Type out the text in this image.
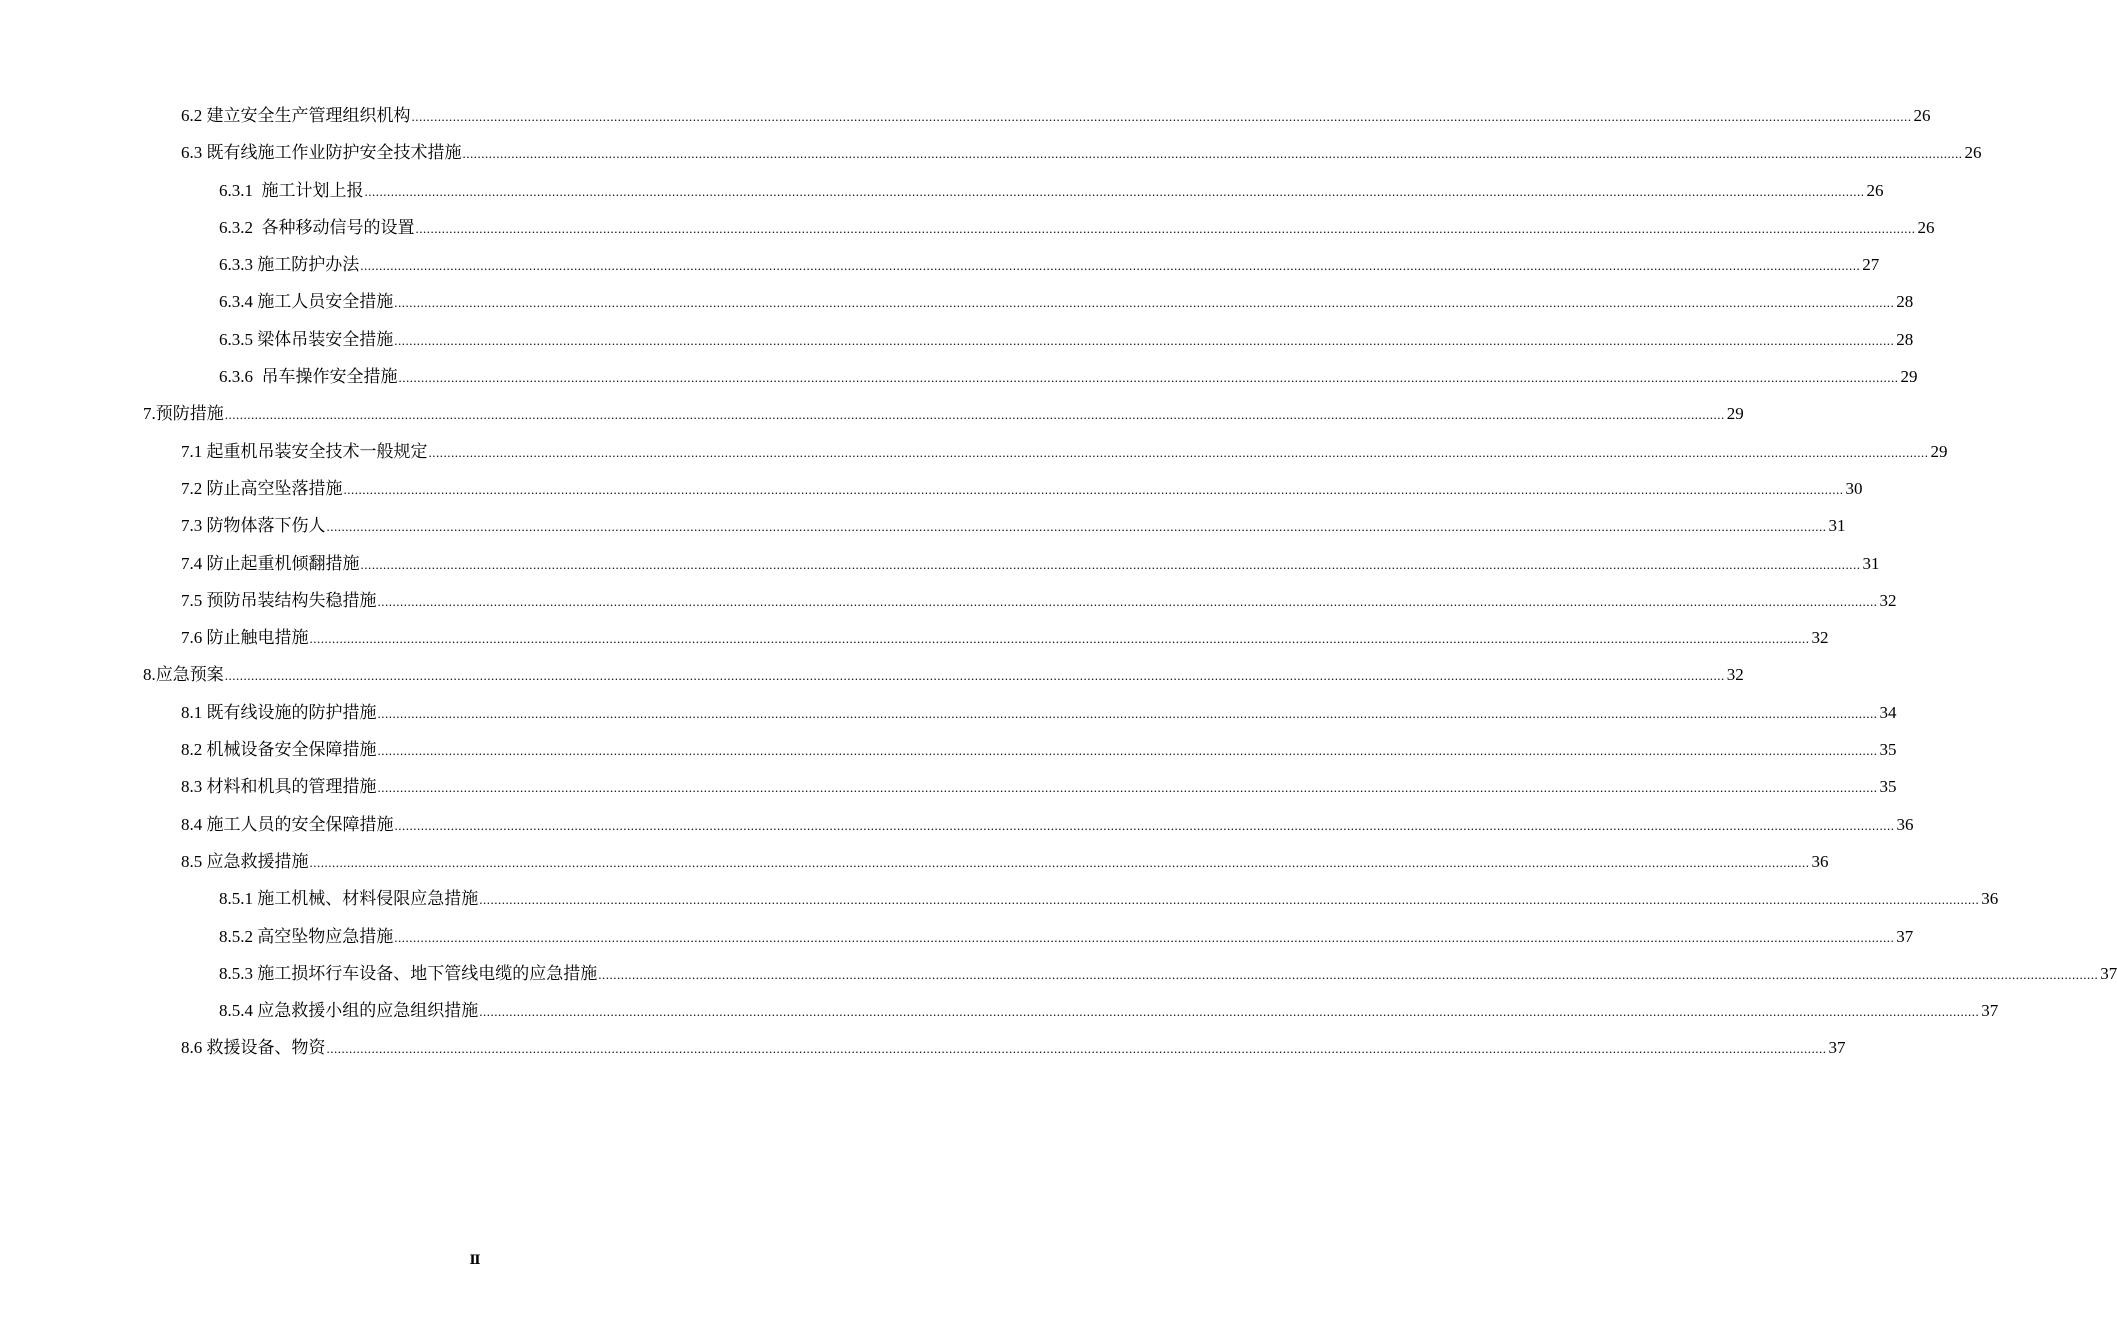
6.2 建立安全生产管理组织机构 ................................................................................................................................................................................................................................................................................................................................................................................................................ 26
6.3 既有线施工作业防护安全技术措施 ................................................................................................................................................................................................................................................................................................................................................................................................................ 26
6.3.1  施工计划上报 ................................................................................................................................................................................................................................................................................................................................................................................................................ 26
6.3.2  各种移动信号的设置 ................................................................................................................................................................................................................................................................................................................................................................................................................ 26
6.3.3 施工防护办法 ................................................................................................................................................................................................................................................................................................................................................................................................................ 27
6.3.4 施工人员安全措施 ................................................................................................................................................................................................................................................................................................................................................................................................................ 28
6.3.5 梁体吊装安全措施 ................................................................................................................................................................................................................................................................................................................................................................................................................ 28
6.3.6  吊车操作安全措施 ................................................................................................................................................................................................................................................................................................................................................................................................................ 29
7.预防措施 ................................................................................................................................................................................................................................................................................................................................................................................................................ 29
7.1 起重机吊装安全技术一般规定 ................................................................................................................................................................................................................................................................................................................................................................................................................ 29
7.2 防止高空坠落措施 ................................................................................................................................................................................................................................................................................................................................................................................................................ 30
7.3 防物体落下伤人 ................................................................................................................................................................................................................................................................................................................................................................................................................ 31
7.4 防止起重机倾翻措施 ................................................................................................................................................................................................................................................................................................................................................................................................................ 31
7.5 预防吊装结构失稳措施 ................................................................................................................................................................................................................................................................................................................................................................................................................ 32
7.6 防止触电措施 ................................................................................................................................................................................................................................................................................................................................................................................................................ 32
8.应急预案 ................................................................................................................................................................................................................................................................................................................................................................................................................ 32
8.1 既有线设施的防护措施 ................................................................................................................................................................................................................................................................................................................................................................................................................ 34
8.2 机械设备安全保障措施 ................................................................................................................................................................................................................................................................................................................................................................................................................ 35
8.3 材料和机具的管理措施 ................................................................................................................................................................................................................................................................................................................................................................................................................ 35
8.4 施工人员的安全保障措施 ................................................................................................................................................................................................................................................................................................................................................................................................................ 36
8.5 应急救援措施 ................................................................................................................................................................................................................................................................................................................................................................................................................ 36
8.5.1 施工机械、材料侵限应急措施 ................................................................................................................................................................................................................................................................................................................................................................................................................ 36
8.5.2 高空坠物应急措施 ................................................................................................................................................................................................................................................................................................................................................................................................................ 37
8.5.3 施工损坏行车设备、地下管线电缆的应急措施 ................................................................................................................................................................................................................................................................................................................................................................................................................ 37
8.5.4 应急救援小组的应急组织措施 ................................................................................................................................................................................................................................................................................................................................................................................................................ 37
8.6 救援设备、物资 ................................................................................................................................................................................................................................................................................................................................................................................................................ 37
Ⅱ
